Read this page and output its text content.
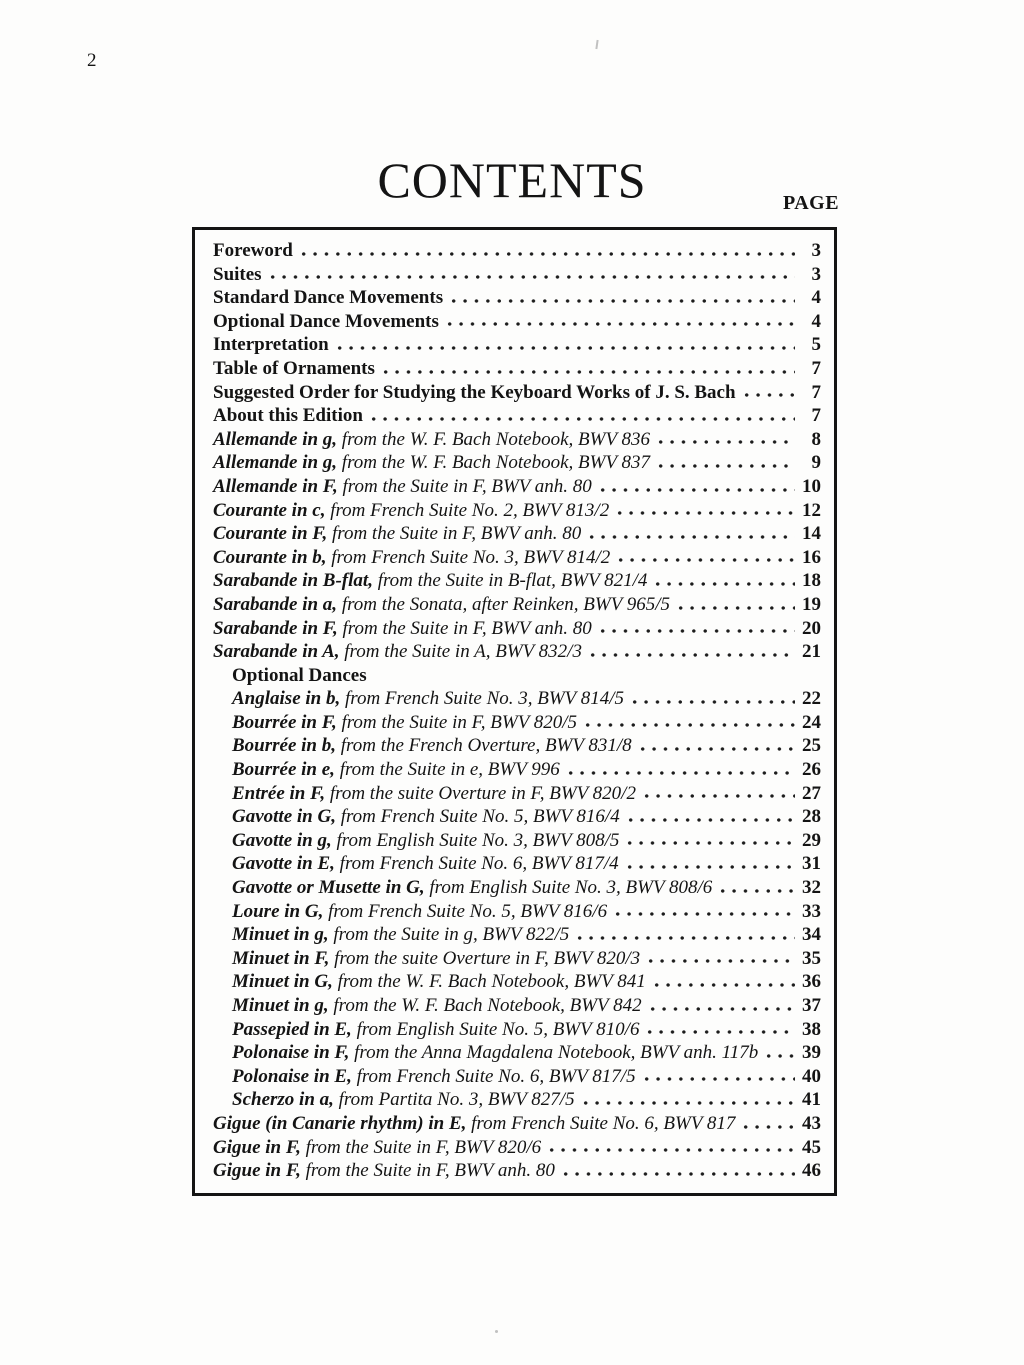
2
CONTENTS	PAGE
Foreword	3
Suites	3
Standard Dance Movements	4
Optional Dance Movements	4
Interpretation	5
Table of Ornaments	7
Suggested Order for Studying the Keyboard Works of J. S. Bach	7
About this Edition	7
Allemande in g, from the W. F. Bach Notebook, BWV 836	8
Allemande in g, from the W. F. Bach Notebook, BWV 837	9
Allemande in F, from the Suite in F, BWV anh. 80	10
Courante in c, from French Suite No. 2, BWV 813/2	12
Courante in F, from the Suite in F, BWV anh. 80	14
Courante in b, from French Suite No. 3, BWV 814/2	16
Sarabande in B-flat, from the Suite in B-flat, BWV 821/4	18
Sarabande in a, from the Sonata, after Reinken, BWV 965/5	19
Sarabande in F, from the Suite in F, BWV anh. 80	20
Sarabande in A, from the Suite in A, BWV 832/3	21
Optional Dances
Anglaise in b, from French Suite No. 3, BWV 814/5	22
Bourrée in F, from the Suite in F, BWV 820/5	24
Bourrée in b, from the French Overture, BWV 831/8	25
Bourrée in e, from the Suite in e, BWV 996	26
Entrée in F, from the suite Overture in F, BWV 820/2	27
Gavotte in G, from French Suite No. 5, BWV 816/4	28
Gavotte in g, from English Suite No. 3, BWV 808/5	29
Gavotte in E, from French Suite No. 6, BWV 817/4	31
Gavotte or Musette in G, from English Suite No. 3, BWV 808/6	32
Loure in G, from French Suite No. 5, BWV 816/6	33
Minuet in g, from the Suite in g, BWV 822/5	34
Minuet in F, from the suite Overture in F, BWV 820/3	35
Minuet in G, from the W. F. Bach Notebook, BWV 841	36
Minuet in g, from the W. F. Bach Notebook, BWV 842	37
Passepied in E, from English Suite No. 5, BWV 810/6	38
Polonaise in F, from the Anna Magdalena Notebook, BWV anh. 117b 39
Polonaise in E, from French Suite No. 6, BWV 817/5	40
Scherzo in a, from Partita No. 3, BWV 827/5	41
Gigue (in Canarie rhythm) in E, from French Suite No. 6, BWV 817	43
Gigue in F, from the Suite in F, BWV 820/6	45
Gigue in F, from the Suite in F, BWV anh. 80	46
